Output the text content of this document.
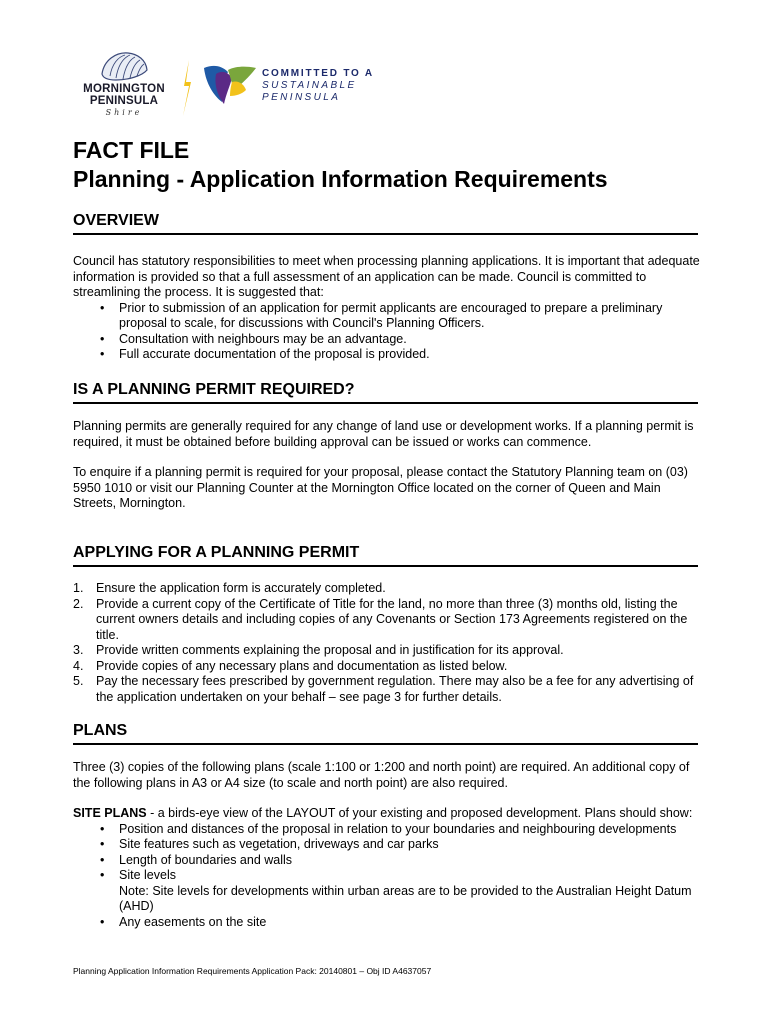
MORNINGTON
PENINSULA
Shire
COMMITTED TO A
SUSTAINABLE
PENINSULA
FACT FILE
Planning - Application Information Requirements
OVERVIEW

Council has statutory responsibilities to meet when processing planning applications. It is important that adequate information is provided so that a full assessment of an application can be made. Council is committed to streamlining the process. It is suggested that:

• Prior to submission of an application for permit applicants are encouraged to prepare a preliminary proposal to scale, for discussions with Council's Planning Officers.
• Consultation with neighbours may be an advantage.
• Full accurate documentation of the proposal is provided.
IS A PLANNING PERMIT REQUIRED?

Planning permits are generally required for any change of land use or development works. If a planning permit is required, it must be obtained before building approval can be issued or works can commence.

To enquire if a planning permit is required for your proposal, please contact the Statutory Planning team on (03) 5950 1010 or visit our Planning Counter at the Mornington Office located on the corner of Queen and Main Streets, Mornington.

APPLYING FOR A PLANNING PERMIT
1. Ensure the application form is accurately completed.
2. Provide a current copy of the Certificate of Title for the land, no more than three (3) months old, listing the current owners details and including copies of any Covenants or Section 173 Agreements registered on the title.
3. Provide written comments explaining the proposal and in justification for its approval.
4. Provide copies of any necessary plans and documentation as listed below.
5. Pay the necessary fees prescribed by government regulation. There may also be a fee for any advertising of the application undertaken on your behalf – see page 3 for further details.
PLANS

Three (3) copies of the following plans (scale 1:100 or 1:200 and north point) are required. An additional copy of the following plans in A3 or A4 size (to scale and north point) are also required.

SITE PLANS - a birds-eye view of the LAYOUT of your existing and proposed development. Plans should show:

• Position and distances of the proposal in relation to your boundaries and neighbouring developments
• Site features such as vegetation, driveways and car parks
• Length of boundaries and walls
• Site levels
Note: Site levels for developments within urban areas are to be provided to the Australian Height Datum (AHD)
• Any easements on the site
Planning Application Information Requirements Application Pack: 20140801 – Obj ID A4637057
